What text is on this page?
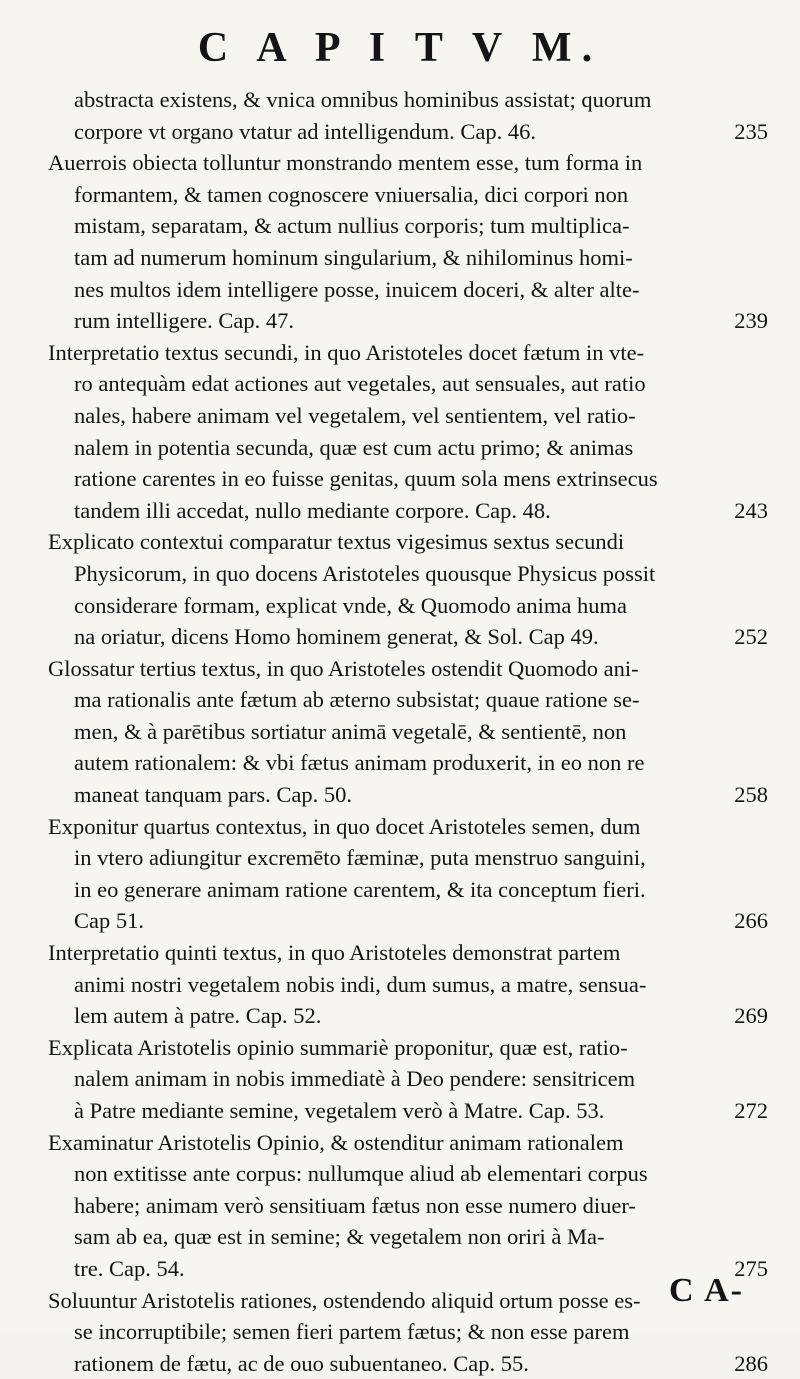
C A P I T V M.
abstracta existens, & vnica omnibus hominibus assistat; quorum
corpore vt organo vtatur ad intelligendum. Cap. 46.	235
Auerrois obiecta tolluntur monstrando mentem esse, tum forma in
formantem, & tamen cognoscere vniuersalia, dici corpori non
mistam, separatam, & actum nullius corporis; tum multiplica-
tam ad numerum hominum singularium, & nihilominus homi-
nes multos idem intelligere posse, inuicem doceri, & alter alte-
rum intelligere. Cap. 47.	239
Interpretatio textus secundi, in quo Aristoteles docet fætum in vte-
ro antequàm edat actiones aut vegetales, aut sensuales, aut ratio
nales, habere animam vel vegetalem, vel sentientem, vel ratio-
nalem in potentia secunda, quæ est cum actu primo; & animas
ratione carentes in eo fuisse genitas, quum sola mens extrinsecus
tandem illi accedat, nullo mediante corpore. Cap. 48.	243
Explicato contextui comparatur textus vigesimus sextus secundi
Physicorum, in quo docens Aristoteles quousque Physicus possit
considerare formam, explicat vnde, & Quomodo anima huma
na oriatur, dicens Homo hominem generat, & Sol. Cap 49.	252
Glossatur tertius textus, in quo Aristoteles ostendit Quomodo ani-
ma rationalis ante fætum ab æterno subsistat; quaue ratione se-
men, & à parētibus sortiatur animā vegetalē, & sentientē, non
autem rationalem: & vbi fætus animam produxerit, in eo non re
maneat tanquam pars. Cap. 50.	258
Exponitur quartus contextus, in quo docet Aristoteles semen, dum
in vtero adiungitur excremēto fæminæ, puta menstruo sanguini,
in eo generare animam ratione carentem, & ita conceptum fieri.
Cap 51.	266
Interpretatio quinti textus, in quo Aristoteles demonstrat partem
animi nostri vegetalem nobis indi, dum sumus, a matre, sensua-
lem autem à patre. Cap. 52.	269
Explicata Aristotelis opinio summariè proponitur, quæ est, ratio-
nalem animam in nobis immediatè à Deo pendere: sensitricem
à Patre mediante semine, vegetalem verò à Matre. Cap. 53.	272
Examinatur Aristotelis Opinio, & ostenditur animam rationalem
non extitisse ante corpus: nullumque aliud ab elementari corpus
habere; animam verò sensitiuam fætus non esse numero diuer-
sam ab ea, quæ est in semine; & vegetalem non oriri à Ma-
tre. Cap. 54.	275
Soluuntur Aristotelis rationes, ostendendo aliquid ortum posse es-
se incorruptibile; semen fieri partem fætus; & non esse parem
rationem de fætu, ac de ouo subuentaneo. Cap. 55.	286
C A-
